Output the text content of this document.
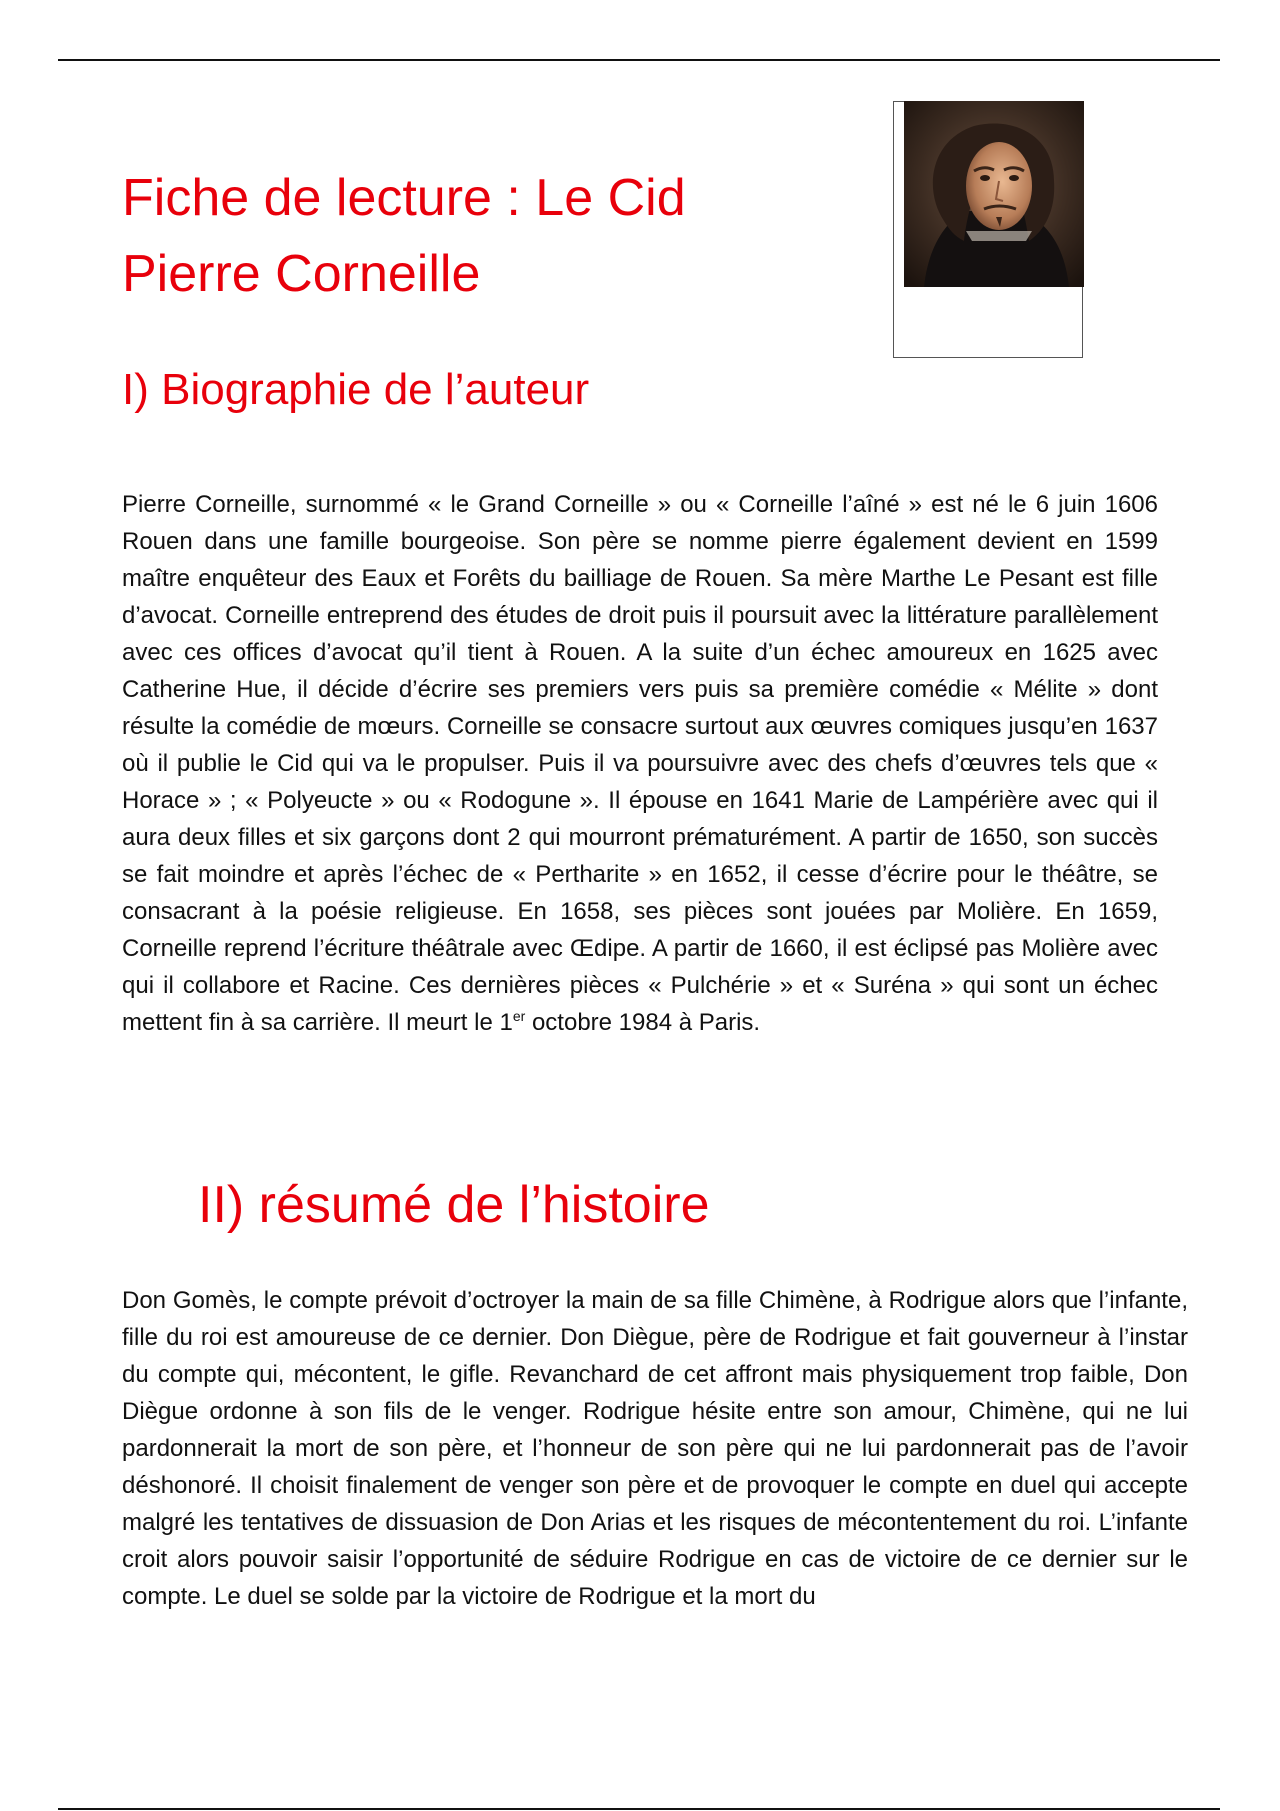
Fiche de lecture : Le Cid
Pierre Corneille
I) Biographie de l’auteur

Pierre Corneille, surnommé « le Grand Corneille » ou « Corneille l’aîné » est né le 6 juin 1606 Rouen dans une famille bourgeoise. Son père se nomme pierre également devient en 1599 maître enquêteur des Eaux et Forêts du bailliage de Rouen. Sa mère Marthe Le Pesant est fille d’avocat. Corneille entreprend des études de droit puis il poursuit avec la littérature parallèlement avec ces offices d’avocat qu’il tient à Rouen. A la suite d’un échec amoureux en 1625 avec Catherine Hue, il décide d’écrire ses premiers vers puis sa première comédie « Mélite » dont résulte la comédie de mœurs. Corneille se consacre surtout aux œuvres comiques jusqu’en 1637 où il publie le Cid qui va le propulser. Puis il va poursuivre avec des chefs d’œuvres tels que « Horace » ; « Polyeucte » ou « Rodogune ». Il épouse en 1641 Marie de Lampérière avec qui il aura deux filles et six garçons dont 2 qui mourront prématurément. A partir de 1650, son succès se fait moindre et après l’échec de « Pertharite » en 1652, il cesse d’écrire pour le théâtre, se consacrant à la poésie religieuse. En 1658, ses pièces sont jouées par Molière. En 1659, Corneille reprend l’écriture théâtrale avec Œdipe. A partir de 1660, il est éclipsé pas Molière avec qui il collabore et Racine. Ces dernières pièces « Pulchérie » et « Suréna » qui sont un échec mettent fin à sa carrière. Il meurt le 1er octobre 1984 à Paris.

II) résumé de l’histoire

Don Gomès, le compte prévoit d’octroyer la main de sa fille Chimène, à Rodrigue alors que l’infante, fille du roi est amoureuse de ce dernier. Don Diègue, père de Rodrigue et fait gouverneur à l’instar du compte qui, mécontent, le gifle. Revanchard de cet affront mais physiquement trop faible, Don Diègue ordonne à son fils de le venger. Rodrigue hésite entre son amour, Chimène, qui ne lui pardonnerait la mort de son père, et l’honneur de son père qui ne lui pardonnerait pas de l’avoir déshonoré. Il choisit finalement de venger son père et de provoquer le compte en duel qui accepte malgré les tentatives de dissuasion de Don Arias et les risques de mécontentement du roi. L’infante croit alors pouvoir saisir l’opportunité de séduire Rodrigue en cas de victoire de ce dernier sur le compte. Le duel se solde par la victoire de Rodrigue et la mort du
